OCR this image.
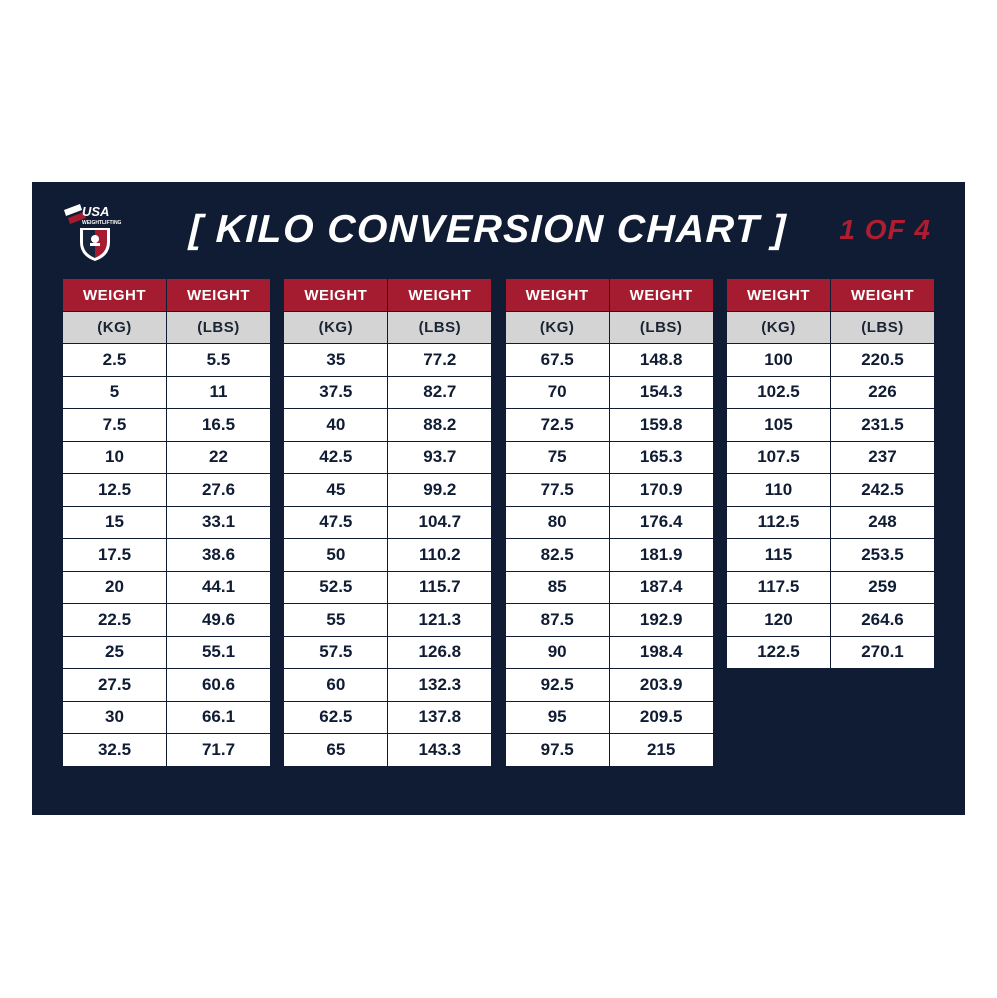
USA
WEIGHTLIFTING [ KILO CONVERSION CHART ] 1 OF 4
WEIGHT	WEIGHT
(KG)	(LBS)
2.5	5.5
5	11
7.5	16.5
10	22
12.5	27.6
15	33.1
17.5	38.6
20	44.1
22.5	49.6
25	55.1
27.5	60.6
30	66.1
32.5	71.7
WEIGHT	WEIGHT
(KG)	(LBS)
35	77.2
37.5	82.7
40	88.2
42.5	93.7
45	99.2
47.5	104.7
50	110.2
52.5	115.7
55	121.3
57.5	126.8
60	132.3
62.5	137.8
65	143.3
WEIGHT	WEIGHT
(KG)	(LBS)
67.5	148.8
70	154.3
72.5	159.8
75	165.3
77.5	170.9
80	176.4
82.5	181.9
85	187.4
87.5	192.9
90	198.4
92.5	203.9
95	209.5
97.5	215
WEIGHT	WEIGHT
(KG)	(LBS)
100	220.5
102.5	226
105	231.5
107.5	237
110	242.5
112.5	248
115	253.5
117.5	259
120	264.6
122.5	270.1
